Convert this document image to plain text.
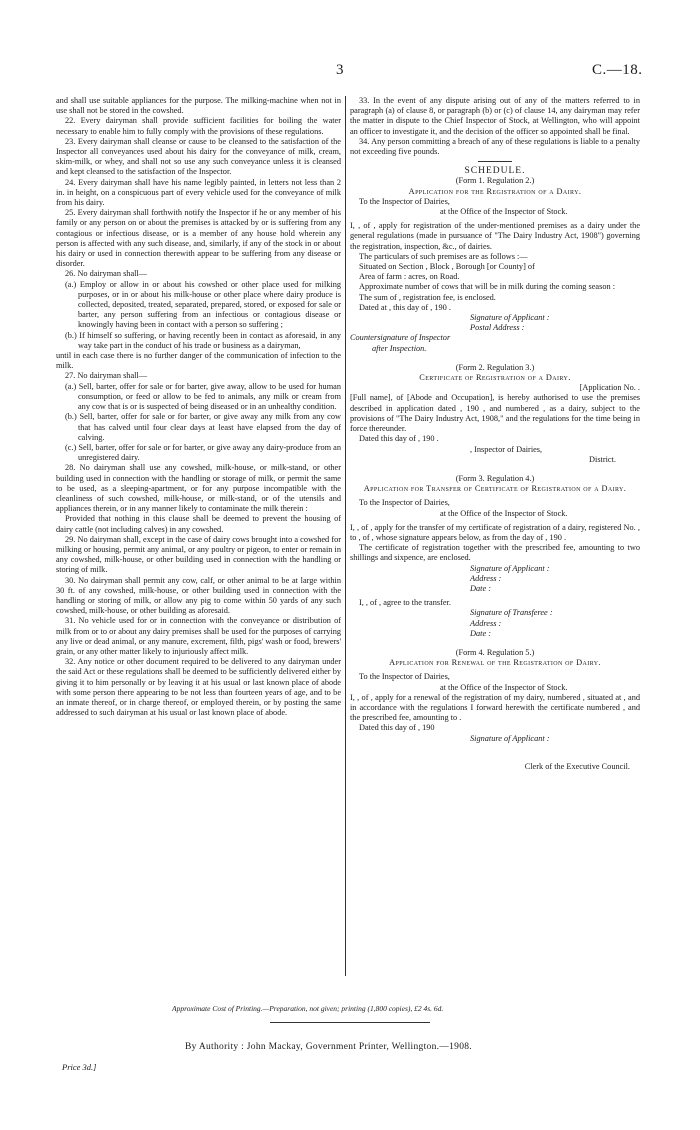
3	C.—18.

and shall use suitable appliances for the purpose. The milking-machine when not in use shall not be stored in the cowshed.

22. Every dairyman shall provide sufficient facilities for boiling the water necessary to enable him to fully comply with the provisions of these regulations.

23. Every dairyman shall cleanse or cause to be cleansed to the satisfaction of the Inspector all conveyances used about his dairy for the conveyance of milk, cream, skim-milk, or whey, and shall not so use any such conveyance unless it is cleansed and kept cleansed to the satisfaction of the Inspector.

24. Every dairyman shall have his name legibly painted, in letters not less than 2 in. in height, on a conspicuous part of every vehicle used for the conveyance of milk from his dairy.

25. Every dairyman shall forthwith notify the Inspector if he or any member of his family or any person on or about the premises is attacked by or is suffering from any contagious or infectious disease, or is a member of any house hold wherein any person is affected with any such disease, and, similarly, if any of the stock in or about his dairy or used in connection therewith appear to be suffering from any disease or disorder.

26. No dairyman shall—

(a.) Employ or allow in or about his cowshed or other place used for milking purposes, or in or about his milk-house or other place where dairy produce is collected, deposited, treated, separated, prepared, stored, or exposed for sale or barter, any person suffering from an infectious or contagious disease or knowingly having been in contact with a person so suffering ;

(b.) If himself so suffering, or having recently been in contact as aforesaid, in any way take part in the conduct of his trade or business as a dairyman,

until in each case there is no further danger of the communication of infection to the milk.

27. No dairyman shall—

(a.) Sell, barter, offer for sale or for barter, give away, allow to be used for human consumption, or feed or allow to be fed to animals, any milk or cream from any cow that is or is suspected of being diseased or in an unhealthy condition.

(b.) Sell, barter, offer for sale or for barter, or give away any milk from any cow that has calved until four clear days at least have elapsed from the day of calving.

(c.) Sell, barter, offer for sale or for barter, or give away any dairy-produce from an unregistered dairy.

28. No dairyman shall use any cowshed, milk-house, or milk-stand, or other building used in connection with the handling or storage of milk, or permit the same to be used, as a sleeping-apartment, or for any purpose incompatible with the cleanliness of such cowshed, milk-house, or milk-stand, or of the utensils and appliances therein, or in any manner likely to contaminate the milk therein :

Provided that nothing in this clause shall be deemed to prevent the housing of dairy cattle (not including calves) in any cowshed.

29. No dairyman shall, except in the case of dairy cows brought into a cowshed for milking or housing, permit any animal, or any poultry or pigeon, to enter or remain in any cowshed, milk-house, or other building used in connection with the handling or storing of milk.

30. No dairyman shall permit any cow, calf, or other animal to be at large within 30 ft. of any cowshed, milk-house, or other building used in connection with the handling or storing of milk, or allow any pig to come within 50 yards of any such cowshed, milk-house, or other building as aforesaid.

31. No vehicle used for or in connection with the conveyance or distribution of milk from or to or about any dairy premises shall be used for the purposes of carrying any live or dead animal, or any manure, excrement, filth, pigs' wash or food, brewers' grain, or any other matter likely to injuriously affect milk.

32. Any notice or other document required to be delivered to any dairyman under the said Act or these regulations shall be deemed to be sufficiently delivered either by giving it to him personally or by leaving it at his usual or last known place of abode with some person there appearing to be not less than fourteen years of age, and to be an inmate thereof, or in charge thereof, or employed therein, or by posting the same addressed to such dairyman at his usual or last known place of abode.

33. In the event of any dispute arising out of any of the matters referred to in paragraph (a) of clause 8, or paragraph (b) or (c) of clause 14, any dairyman may refer the matter in dispute to the Chief Inspector of Stock, at Wellington, who will appoint an officer to investigate it, and the decision of the officer so appointed shall be final.

34. Any person committing a breach of any of these regulations is liable to a penalty not exceeding five pounds.

SCHEDULE.
(Form 1. Regulation 2.)
Application for the Registration of a Dairy.

To the Inspector of Dairies,

at the Office of the Inspector of Stock.

I, , of , apply for registration of the under-mentioned premises as a dairy under the general regulations (made in pursuance of "The Dairy Industry Act, 1908") governing the registration, inspection, &c., of dairies.

The particulars of such premises are as follows :—

Situated on Section , Block , Borough [or County] of

Area of farm : acres, on Road.

Approximate number of cows that will be in milk during the coming season :

The sum of , registration fee, is enclosed.

Dated at , this day of , 190 .

Signature of Applicant :

Postal Address :

Countersignature of Inspector

after Inspection.

(Form 2. Regulation 3.)
Certificate of Registration of a Dairy.
[Application No. .

[Full name], of [Abode and Occupation], is hereby authorised to use the premises described in application dated , 190 , and numbered , as a dairy, subject to the provisions of "The Dairy Industry Act, 1908," and the regulations for the time being in force thereunder.

Dated this day of , 190 .

, Inspector of Dairies,

District.
(Form 3. Regulation 4.)
Application for Transfer of Certificate of Registration of a Dairy.

To the Inspector of Dairies,

at the Office of the Inspector of Stock.

I, , of , apply for the transfer of my certificate of registration of a dairy, registered No. , to , of , whose signature appears below, as from the day of , 190 .

The certificate of registration together with the prescribed fee, amounting to two shillings and sixpence, are enclosed.

Signature of Applicant :

Address :

Date :

I, , of , agree to the transfer.

Signature of Transferee :

Address :

Date :

(Form 4. Regulation 5.)
Application for Renewal of the Registration of Dairy.

To the Inspector of Dairies,

at the Office of the Inspector of Stock.

I, , of , apply for a renewal of the registration of my dairy, numbered , situated at , and in accordance with the regulations I forward herewith the certificate numbered , and the prescribed fee, amounting to .

Dated this day of , 190

Signature of Applicant :

Clerk of the Executive Council.
Approximate Cost of Printing.—Preparation, not given; printing (1,800 copies), £2 4s. 6d.
By Authority : John Mackay, Government Printer, Wellington.—1908.
Price 3d.]
